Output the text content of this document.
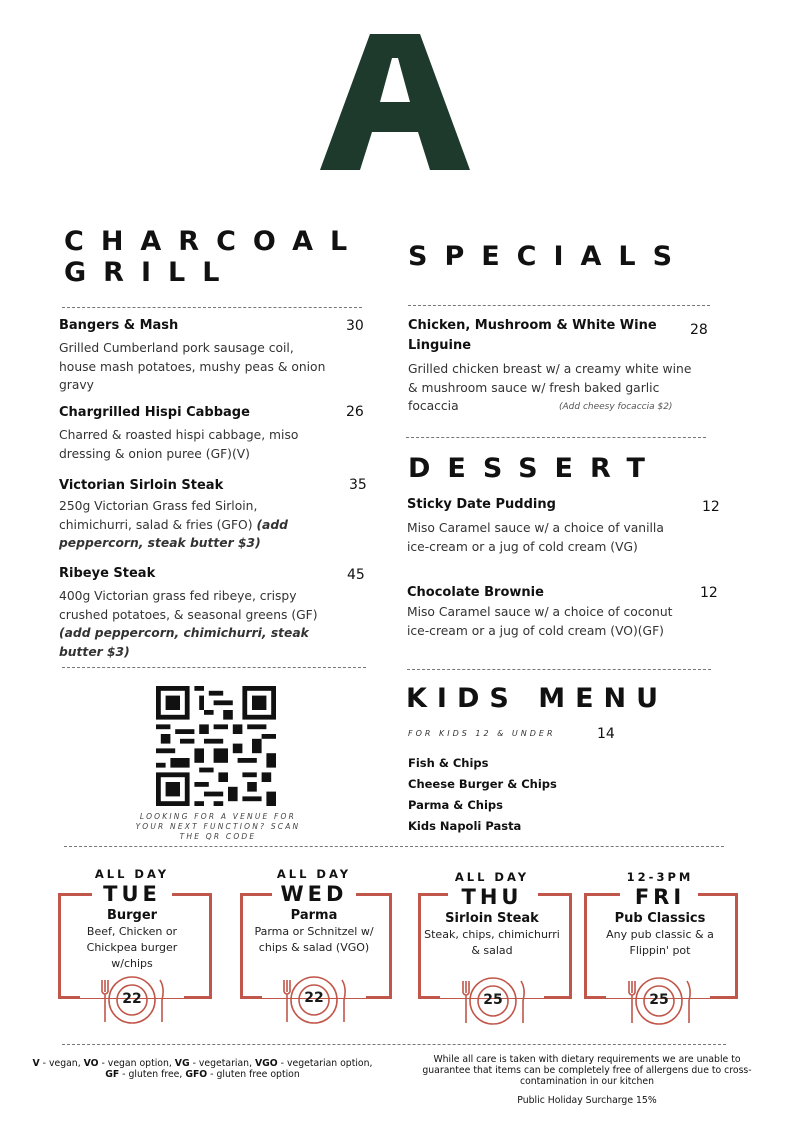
CHARCOAL
GRILL
Bangers & Mash
Grilled Cumberland pork sausage coil, house mash potatoes, mushy peas & onion gravy
30
Chargrilled Hispi Cabbage
Charred & roasted hispi cabbage, miso dressing & onion puree (GF)(V)
26
Victorian Sirloin Steak
250g Victorian Grass fed Sirloin, chimichurri, salad & fries (GFO) (add peppercorn, steak butter $3)
35
Ribeye Steak
400g Victorian grass fed ribeye, crispy crushed potatoes, & seasonal greens (GF) (add peppercorn, chimichurri, steak butter $3)
45
SPECIALS
Chicken, Mushroom & White Wine Linguine
Grilled chicken breast w/ a creamy white wine & mushroom sauce w/ fresh baked garlic focaccia
28
(Add cheesy focaccia $2)
DESSERT
Sticky Date Pudding
Miso Caramel sauce w/ a choice of vanilla ice-cream or a jug of cold cream (VG)
12
Chocolate Brownie
Miso Caramel sauce w/ a choice of coconut ice-cream or a jug of cold cream (VO)(GF)
12
LOOKING FOR A VENUE FOR YOUR NEXT FUNCTION? SCAN THE QR CODE
KIDS MENU
FOR KIDS 12 & UNDER	14
Fish & Chips
Cheese Burger & Chips
Parma & Chips
Kids Napoli Pasta
ALL DAY
TUE
Burger
Beef, Chicken or Chickpea burger w/chips
ALL DAY
WED
Parma
Parma or Schnitzel w/ chips & salad (VGO)
ALL DAY
THU
Sirloin Steak
Steak, chips, chimichurri & salad
12-3PM
FRI
Pub Classics
Any pub classic & a Flippin' pot
22	22	25	25
V - vegan, VO - vegan option, VG - vegetarian, VGO - vegetarian option,
GF - gluten free, GFO - gluten free option
While all care is taken with dietary requirements we are unable to guarantee that items can be completely free of allergens due to cross-contamination in our kitchen
Public Holiday Surcharge 15%
